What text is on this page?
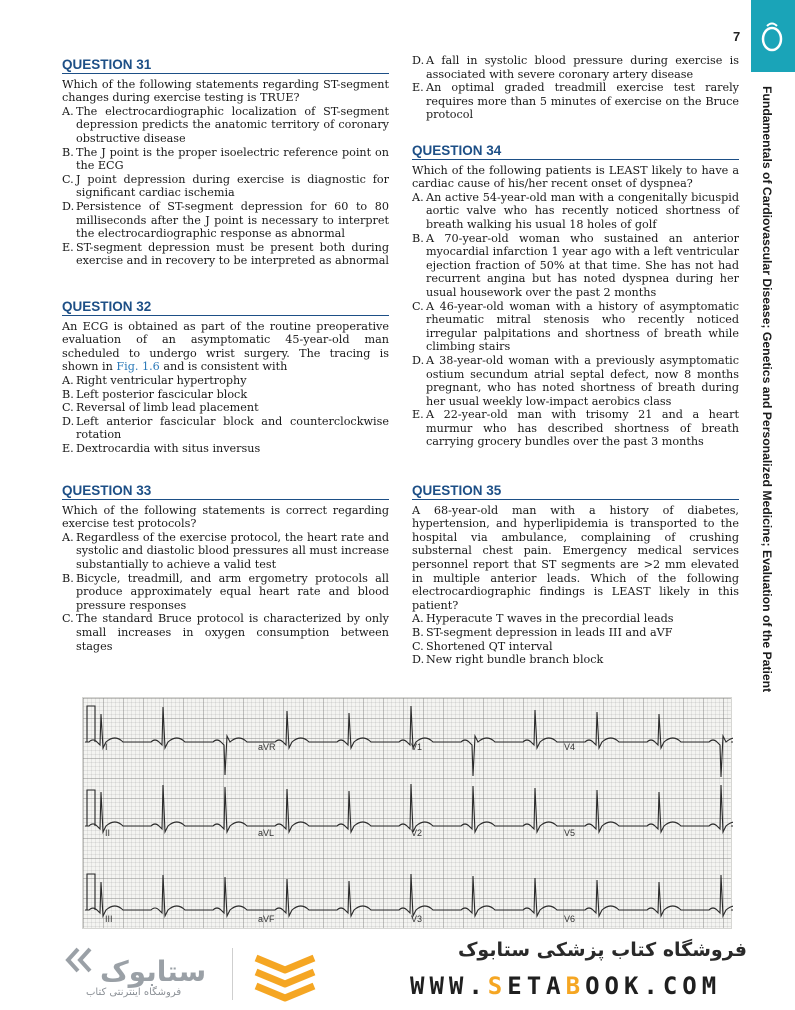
7
Fundamentals of Cardiovascular Disease; Genetics and Personalized Medicine; Evaluation of the Patient
QUESTION 31
Which of the following statements regarding ST-segment changes during exercise testing is TRUE?
A. The electrocardiographic localization of ST-segment depression predicts the anatomic territory of coronary obstructive disease
B. The J point is the proper isoelectric reference point on the ECG
C. J point depression during exercise is diagnostic for significant cardiac ischemia
D. Persistence of ST-segment depression for 60 to 80 milliseconds after the J point is necessary to interpret the electrocardiographic response as abnormal
E. ST-segment depression must be present both during exercise and in recovery to be interpreted as abnormal
QUESTION 32
An ECG is obtained as part of the routine preoperative evaluation of an asymptomatic 45-year-old man scheduled to undergo wrist surgery. The tracing is shown in Fig. 1.6 and is consistent with
A. Right ventricular hypertrophy
B. Left posterior fascicular block
C. Reversal of limb lead placement
D. Left anterior fascicular block and counterclockwise rotation
E. Dextrocardia with situs inversus
QUESTION 33
Which of the following statements is correct regarding exercise test protocols?
A. Regardless of the exercise protocol, the heart rate and systolic and diastolic blood pressures all must increase substantially to achieve a valid test
B. Bicycle, treadmill, and arm ergometry protocols all produce approximately equal heart rate and blood pressure responses
C. The standard Bruce protocol is characterized by only small increases in oxygen consumption between stages
D. A fall in systolic blood pressure during exercise is associated with severe coronary artery disease
E. An optimal graded treadmill exercise test rarely requires more than 5 minutes of exercise on the Bruce protocol
QUESTION 34
Which of the following patients is LEAST likely to have a cardiac cause of his/her recent onset of dyspnea?
A. An active 54-year-old man with a congenitally bicuspid aortic valve who has recently noticed shortness of breath walking his usual 18 holes of golf
B. A 70-year-old woman who sustained an anterior myocardial infarction 1 year ago with a left ventricular ejection fraction of 50% at that time. She has not had recurrent angina but has noted dyspnea during her usual housework over the past 2 months
C. A 46-year-old woman with a history of asymptomatic rheumatic mitral stenosis who recently noticed irregular palpitations and shortness of breath while climbing stairs
D. A 38-year-old woman with a previously asymptomatic ostium secundum atrial septal defect, now 8 months pregnant, who has noted shortness of breath during her usual weekly low-impact aerobics class
E. A 22-year-old man with trisomy 21 and a heart murmur who has described shortness of breath carrying grocery bundles over the past 3 months
QUESTION 35
A 68-year-old man with a history of diabetes, hypertension, and hyperlipidemia is transported to the hospital via ambulance, complaining of crushing substernal chest pain. Emergency medical services personnel report that ST segments are >2 mm elevated in multiple anterior leads. Which of the following electrocardiographic findings is LEAST likely in this patient?
A. Hyperacute T waves in the precordial leads
B. ST-segment depression in leads III and aVF
C. Shortened QT interval
D. New right bundle branch block
I	aVR	V1	V4
II	aVL	V2	V5
III	aVF	V3	V6
ستابوک
فروشگاه اینترنتی کتاب
فروشگاه کتاب پزشکی ستابوک
WWW.SETABOOK.COM
